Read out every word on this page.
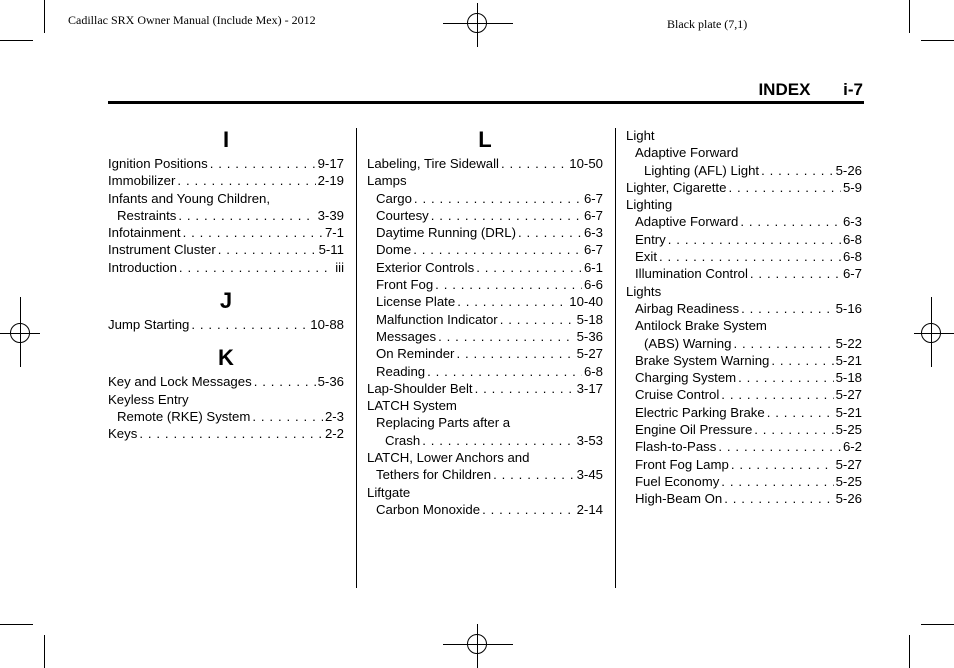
Cadillac SRX Owner Manual (Include Mex) - 2012	Black plate (7,1)
INDEX i-7
I
Ignition Positions . . .	9-17
Immobilizer . . .	2-19
Infants and Young Children,
Restraints . . .	3-39
Infotainment . . .	7-1
Instrument Cluster . . .	5-11
Introduction . . .	iii
J
Jump Starting . . .	10-88
K
Key and Lock Messages . . .	5-36
Keyless Entry
Remote (RKE) System . . .	2-3
Keys . . .	2-2
L
Labeling, Tire Sidewall . . .	10-50
Lamps
Cargo . . .	6-7
Courtesy . . .	6-7
Daytime Running (DRL) . . .	6-3
Dome . . .	6-7
Exterior Controls . . .	6-1
Front Fog . . .	6-6
License Plate . . .	10-40
Malfunction Indicator . . .	5-18
Messages . . .	5-36
On Reminder . . .	5-27
Reading . . .	6-8
Lap-Shoulder Belt . . .	3-17
LATCH System
Replacing Parts after a
Crash . . .	3-53
LATCH, Lower Anchors and
Tethers for Children . . .	3-45
Liftgate
Carbon Monoxide . . .	2-14
Light
Adaptive Forward
Lighting (AFL) Light . . .	5-26
Lighter, Cigarette . . .	5-9
Lighting
Adaptive Forward . . .	6-3
Entry . . .	6-8
Exit . . .	6-8
Illumination Control . . .	6-7
Lights
Airbag Readiness . . .	5-16
Antilock Brake System
(ABS) Warning . . .	5-22
Brake System Warning . . .	5-21
Charging System . . .	5-18
Cruise Control . . .	5-27
Electric Parking Brake . . .	5-21
Engine Oil Pressure . . .	5-25
Flash-to-Pass . . .	6-2
Front Fog Lamp . . .	5-27
Fuel Economy . . .	5-25
High-Beam On . . .	5-26
